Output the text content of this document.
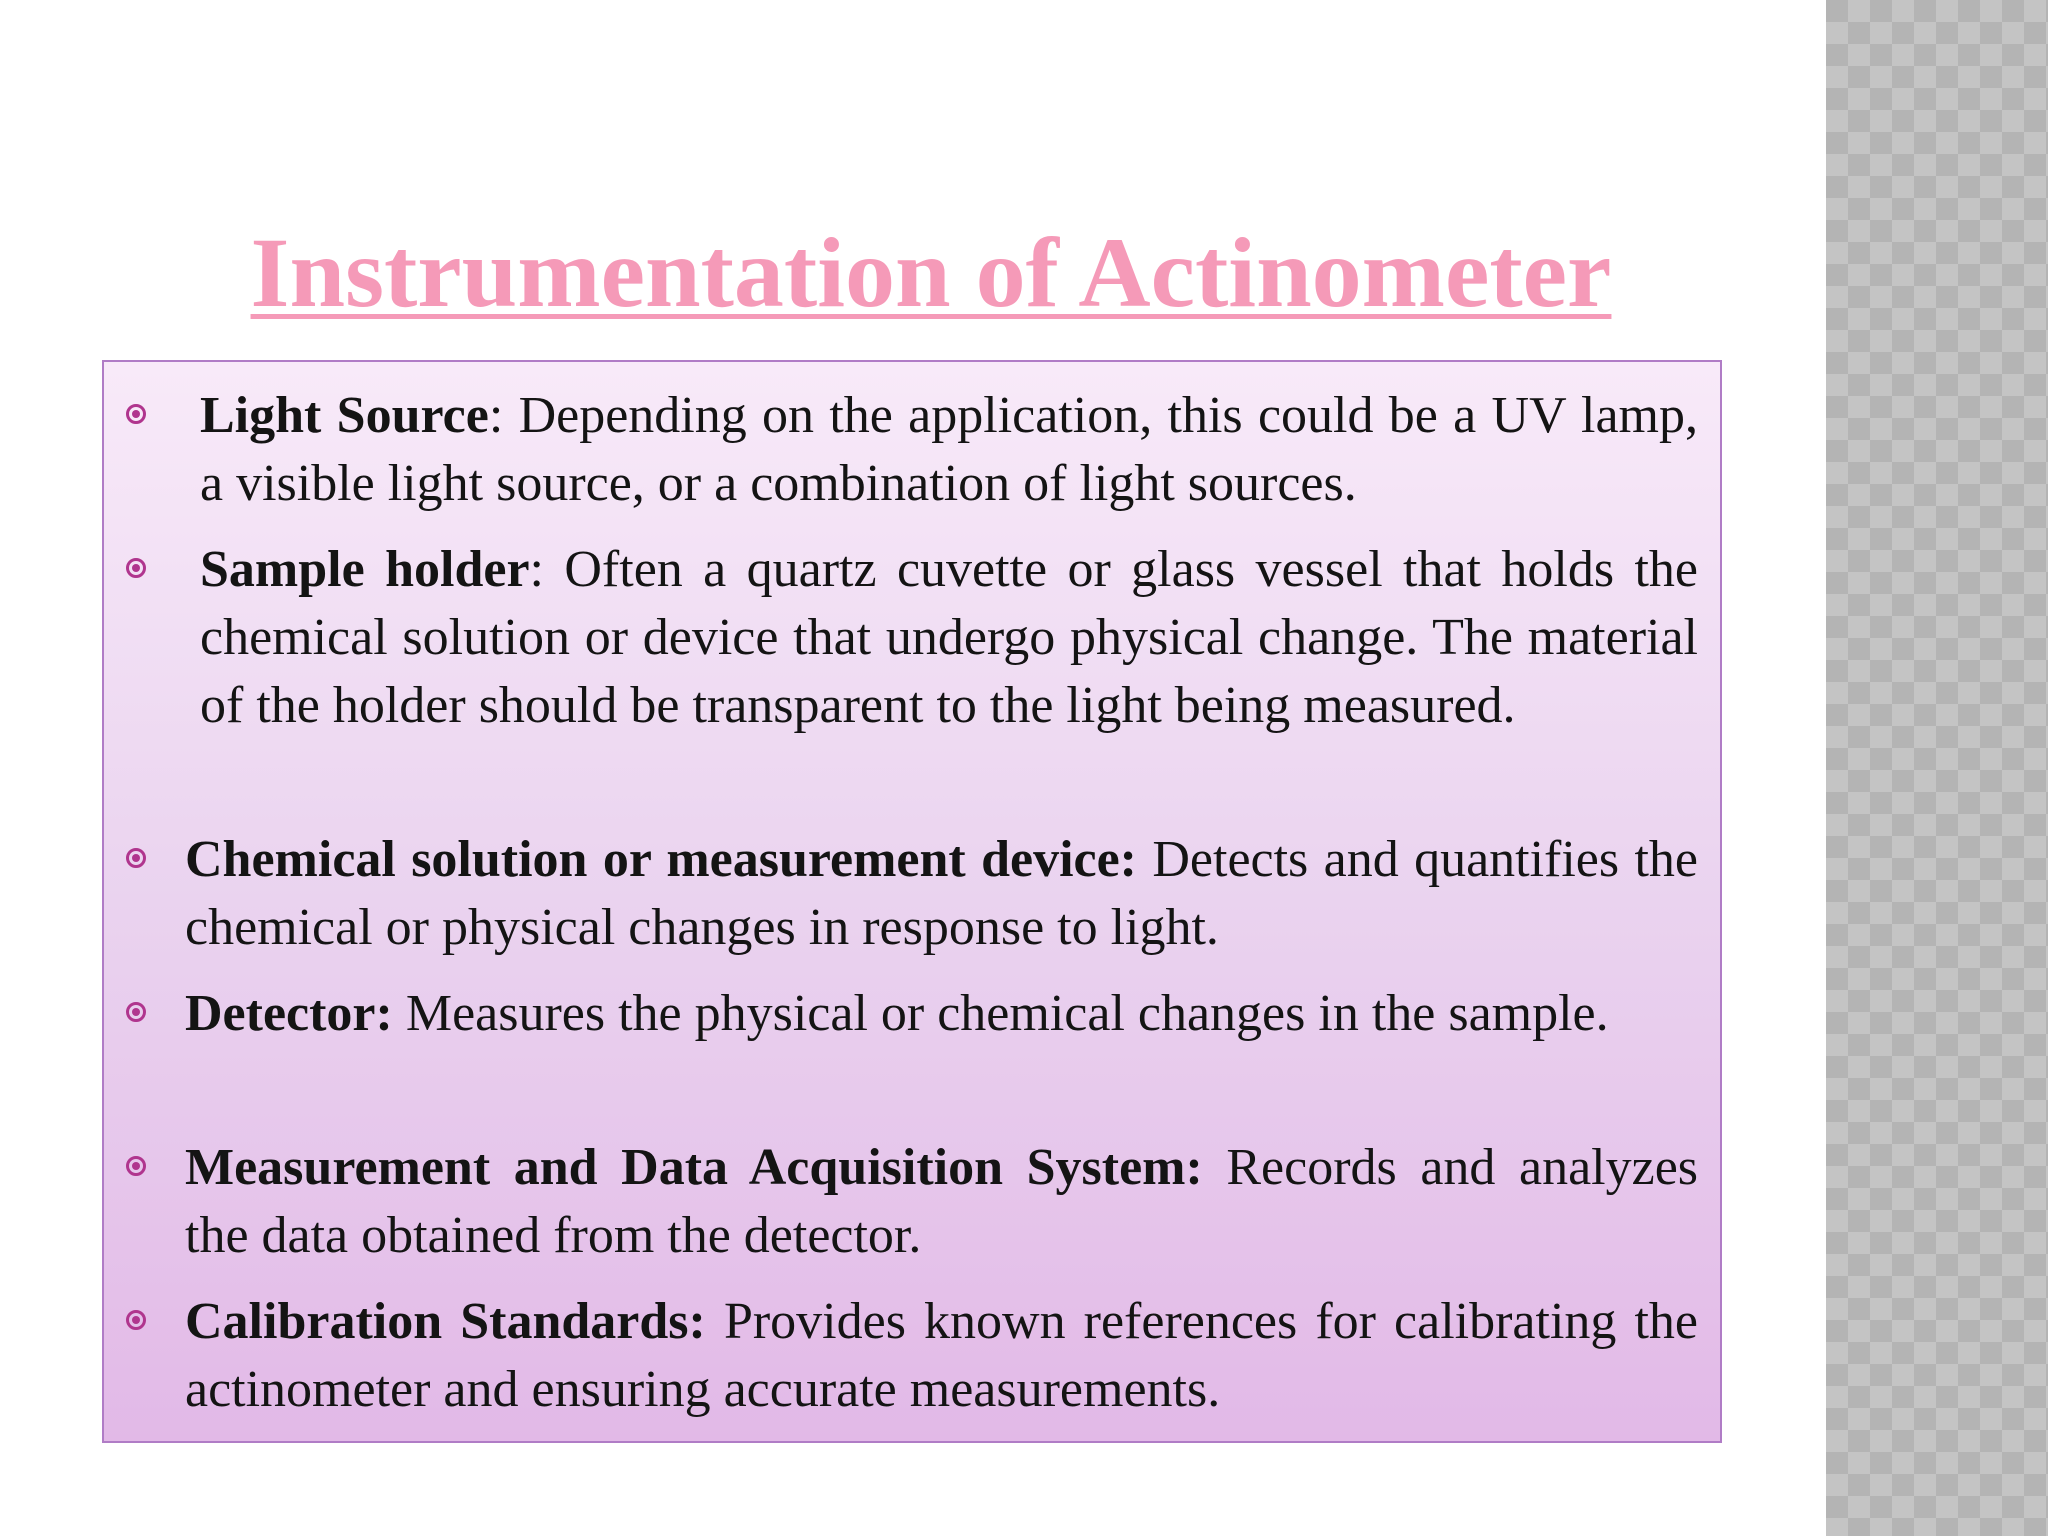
Instrumentation of Actinometer

Light Source: Depending on the application, this could be a UV lamp, a visible light source, or a combination of light sources.

Sample holder: Often a quartz cuvette or glass vessel that holds the chemical solution or device that undergo physical change. The material of the holder should be transparent to the light being measured.

Chemical solution or measurement device: Detects and quantifies the chemical or physical changes in response to light.

Detector: Measures the physical or chemical changes in the sample.

Measurement and Data Acquisition System: Records and analyzes the data obtained from the detector.

Calibration Standards: Provides known references for calibrating the actinometer and ensuring accurate measurements.
